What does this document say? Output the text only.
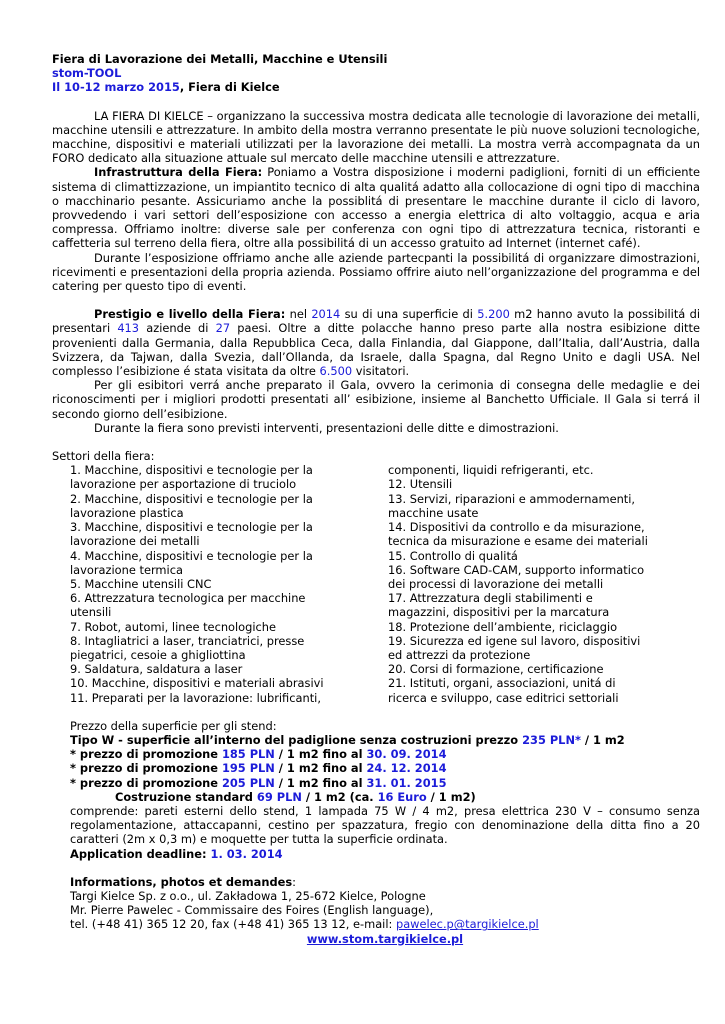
Fiera di Lavorazione dei Metalli, Macchine e Utensili
stom-TOOL
Il 10-12 marzo 2015, Fiera di Kielce

LA FIERA DI KIELCE – organizzano la successiva mostra dedicata alle tecnologie di lavorazione dei metalli, macchine utensili e attrezzature. In ambito della mostra verranno presentate le più nuove soluzioni tecnologiche, macchine, dispositivi e materiali utilizzati per la lavorazione dei metalli. La mostra verrà accompagnata da un FORO dedicato alla situazione attuale sul mercato delle macchine utensili e attrezzature.

Infrastruttura della Fiera: Poniamo a Vostra disposizione i moderni padiglioni, forniti di un efficiente sistema di climattizzazione, un impiantito tecnico di alta qualitá adatto alla collocazione di ogni tipo di macchina o macchinario pesante. Assicuriamo anche la possiblitá di presentare le macchine durante il ciclo di lavoro, provvedendo i vari settori dell’esposizione con accesso a energia elettrica di alto voltaggio, acqua e aria compressa. Offriamo inoltre: diverse sale per conferenza con ogni tipo di attrezzatura tecnica, ristoranti e caffetteria sul terreno della fiera, oltre alla possibilitá di un accesso gratuito ad Internet (internet café).

Durante l’esposizione offriamo anche alle aziende partecpanti la possibilitá di organizzare dimostrazioni, ricevimenti e presentazioni della propria azienda. Possiamo offrire aiuto nell’organizzazione del programma e del catering per questo tipo di eventi.

Prestigio e livello della Fiera: nel 2014 su di una superficie di 5.200 m2 hanno avuto la possibilitá di presentari 413 aziende di 27 paesi. Oltre a ditte polacche hanno preso parte alla nostra esibizione ditte provenienti dalla Germania, dalla Repubblica Ceca, dalla Finlandia, dal Giappone, dall’Italia, dall’Austria, dalla Svizzera, da Tajwan, dalla Svezia, dall’Ollanda, da Israele, dalla Spagna, dal Regno Unito e dagli USA. Nel complesso l’esibizione é stata visitata da oltre 6.500 visitatori.

Per gli esibitori verrá anche preparato il Gala, ovvero la cerimonia di consegna delle medaglie e dei riconoscimenti per i migliori prodotti presentati all’ esibizione, insieme al Banchetto Ufficiale. Il Gala si terrá il secondo giorno dell’esibizione.

Durante la fiera sono previsti interventi, presentazioni delle ditte e dimostrazioni.

Settori della fiera:
1. Macchine, dispositivi e tecnologie per la
lavorazione per asportazione di truciolo
2. Macchine, dispositivi e tecnologie per la
lavorazione plastica
3. Macchine, dispositivi e tecnologie per la
lavorazione dei metalli
4. Macchine, dispositivi e tecnologie per la
lavorazione termica
5. Macchine utensili CNC
6. Attrezzatura tecnologica per macchine
utensili
7. Robot, automi, linee tecnologiche
8. Intagliatrici a laser, tranciatrici, presse
piegatrici, cesoie a ghigliottina
9. Saldatura, saldatura a laser
10. Macchine, dispositivi e materiali abrasivi
11. Preparati per la lavorazione: lubrificanti,
componenti, liquidi refrigeranti, etc.
12. Utensili
13. Servizi, riparazioni e ammodernamenti,
macchine usate
14. Dispositivi da controllo e da misurazione,
tecnica da misurazione e esame dei materiali
15. Controllo di qualitá
16. Software CAD-CAM, supporto informatico
dei processi di lavorazione dei metalli
17. Attrezzatura degli stabilimenti e
magazzini, dispositivi per la marcatura
18. Protezione dell’ambiente, riciclaggio
19. Sicurezza ed igene sul lavoro, dispositivi
ed attrezzi da protezione
20. Corsi di formazione, certificazione
21. Istituti, organi, associazioni, unitá di
ricerca e sviluppo, case editrici settoriali
Prezzo della superficie per gli stend:
Tipo W - superficie all’interno del padiglione senza costruzioni prezzo 235 PLN* / 1 m2
* prezzo di promozione 185 PLN / 1 m2 fino al 30. 09. 2014
* prezzo di promozione 195 PLN / 1 m2 fino al 24. 12. 2014
* prezzo di promozione 205 PLN / 1 m2 fino al 31. 01. 2015
Costruzione standard 69 PLN / 1 m2 (ca. 16 Euro / 1 m2)

comprende: pareti esterni dello stend, 1 lampada 75 W / 4 m2, presa elettrica 230 V – consumo senza regolamentazione, attaccapanni, cestino per spazzatura, fregio con denominazione della ditta fino a 20 caratteri (2m x 0,3 m) e moquette per tutta la superficie ordinata.

Application deadline: 1. 03. 2014
Informations, photos et demandes:
Targi Kielce Sp. z o.o., ul. Zakładowa 1, 25-672 Kielce, Pologne
Mr. Pierre Pawelec - Commissaire des Foires (English language),
tel. (+48 41) 365 12 20, fax (+48 41) 365 13 12, e-mail: pawelec.p@targikielce.pl
www.stom.targikielce.pl
